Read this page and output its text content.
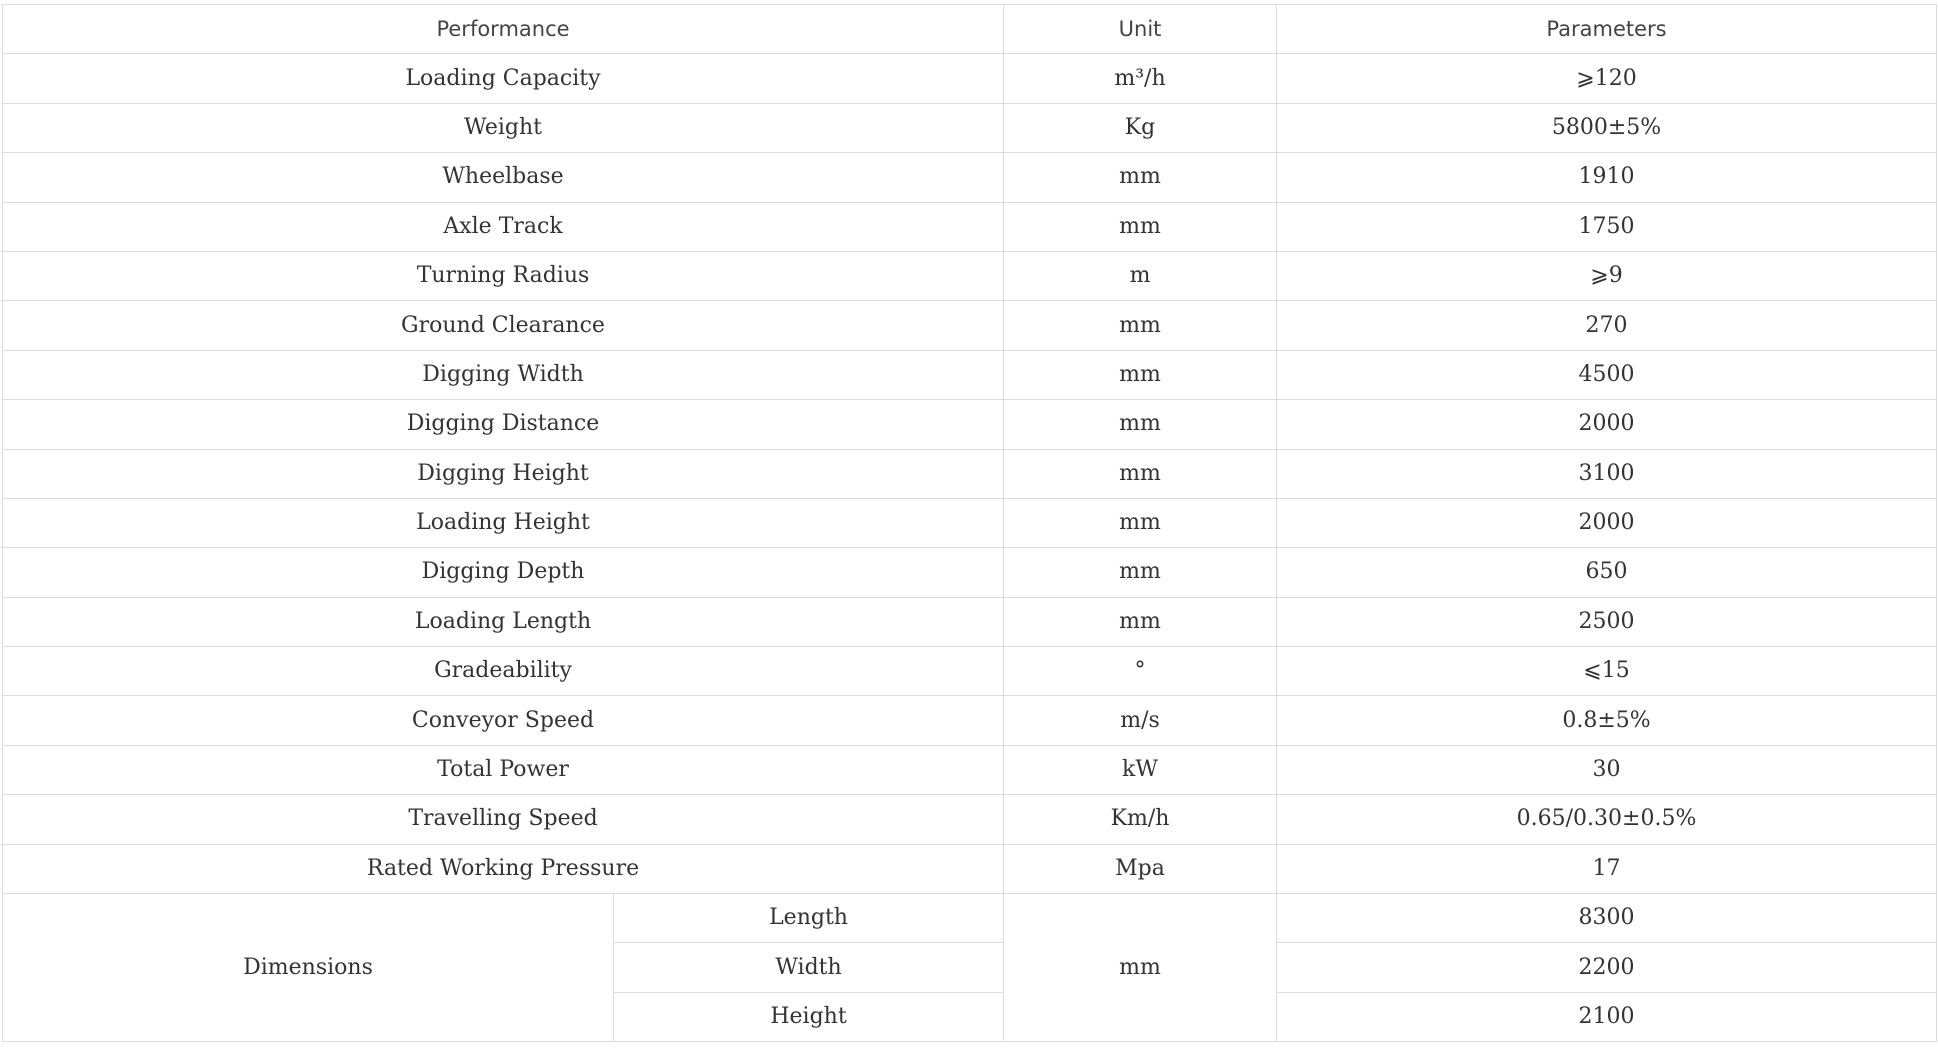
Performance		Unit	Parameters
Loading Capacity		m³/h	⩾120
Weight		Kg	5800±5%
Wheelbase		mm	1910
Axle Track		mm	1750
Turning Radius		m	⩾9
Ground Clearance		mm	270
Digging Width		mm	4500
Digging Distance		mm	2000
Digging Height		mm	3100
Loading Height		mm	2000
Digging Depth		mm	650
Loading Length		mm	2500
Gradeability		°	⩽15
Conveyor Speed		m/s	0.8±5%
Total Power		kW	30
Travelling Speed		Km/h	0.65/0.30±0.5%
Rated Working Pressure		Mpa	17
Dimensions	Length	mm	8300
	Width		2200
	Height		2100
